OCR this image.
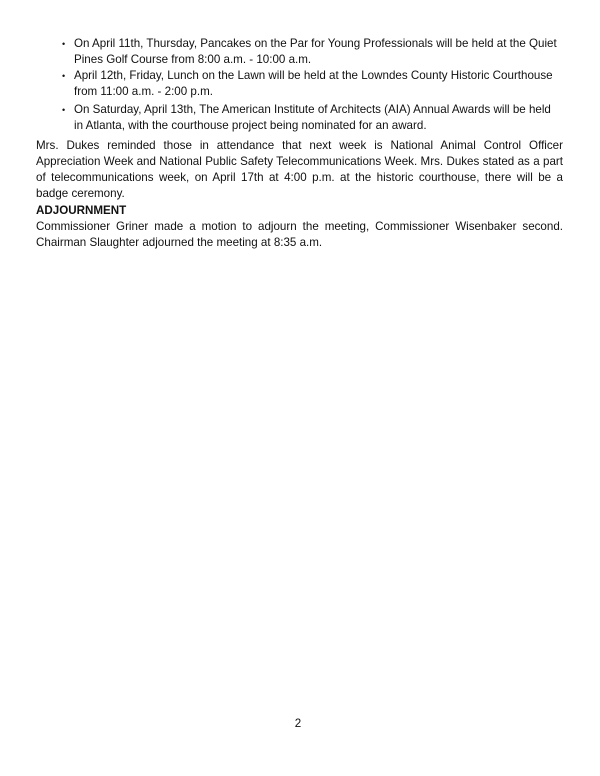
• On April 11th, Thursday, Pancakes on the Par for Young Professionals will be held at the Quiet Pines Golf Course from 8:00 a.m. - 10:00 a.m.
• April 12th, Friday, Lunch on the Lawn will be held at the Lowndes County Historic Courthouse from 11:00 a.m. - 2:00 p.m.
• On Saturday, April 13th, The American Institute of Architects (AIA) Annual Awards will be held in Atlanta, with the courthouse project being nominated for an award.

Mrs. Dukes reminded those in attendance that next week is National Animal Control Officer Appreciation Week and National Public Safety Telecommunications Week. Mrs. Dukes stated as a part of telecommunications week, on April 17th at 4:00 p.m. at the historic courthouse, there will be a badge ceremony.

ADJOURNMENT

Commissioner Griner made a motion to adjourn the meeting, Commissioner Wisenbaker second. Chairman Slaughter adjourned the meeting at 8:35 a.m.

2
